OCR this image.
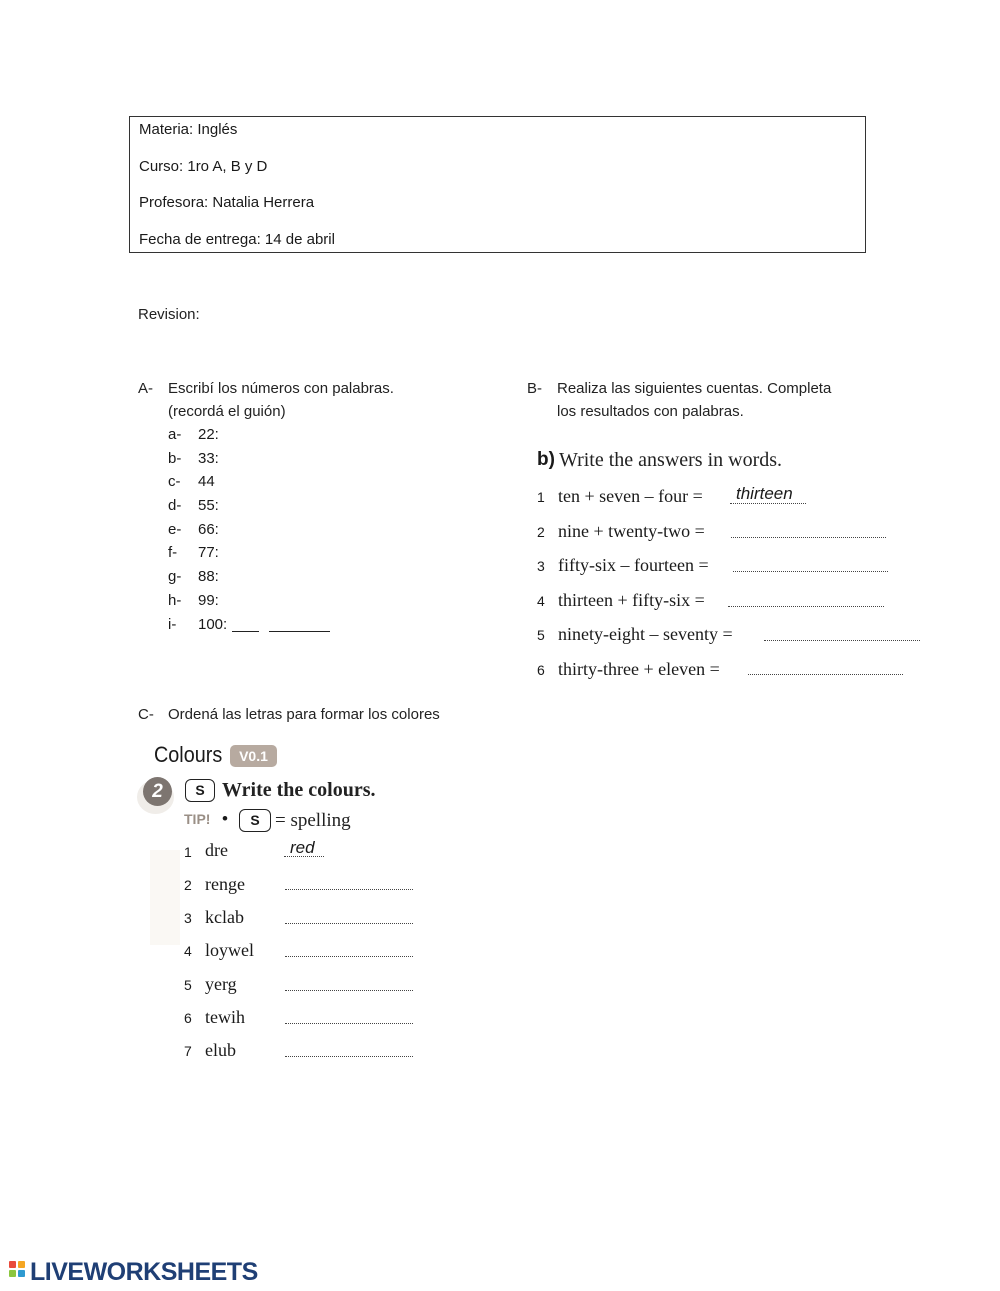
Materia: Inglés
Curso: 1ro A, B y D
Profesora: Natalia Herrera
Fecha de entrega: 14 de abril
Revision:
A- Escribí los números con palabras.
(recordá el guión)
a- 22:
b- 33:
c- 44
d- 55:
e- 66:
f- 77:
g- 88:
h- 99:
i- 100:
B- Realiza las siguientes cuentas. Completa
los resultados con palabras.
b) Write the answers in words.
1 ten + seven – four = thirteen
2 nine + twenty-two =
3 fifty-six – fourteen =
4 thirteen + fifty-six =
5 ninety-eight – seventy =
6 thirty-three + eleven =
C- Ordená las letras para formar los colores
Colours	V0.1
2	S Write the colours.
TIP! •	S = spelling
1 dre	red
2 renge
3 kclab
4 loywel
5 yerg
6 tewih
7 elub
LIVEWORKSHEETS
